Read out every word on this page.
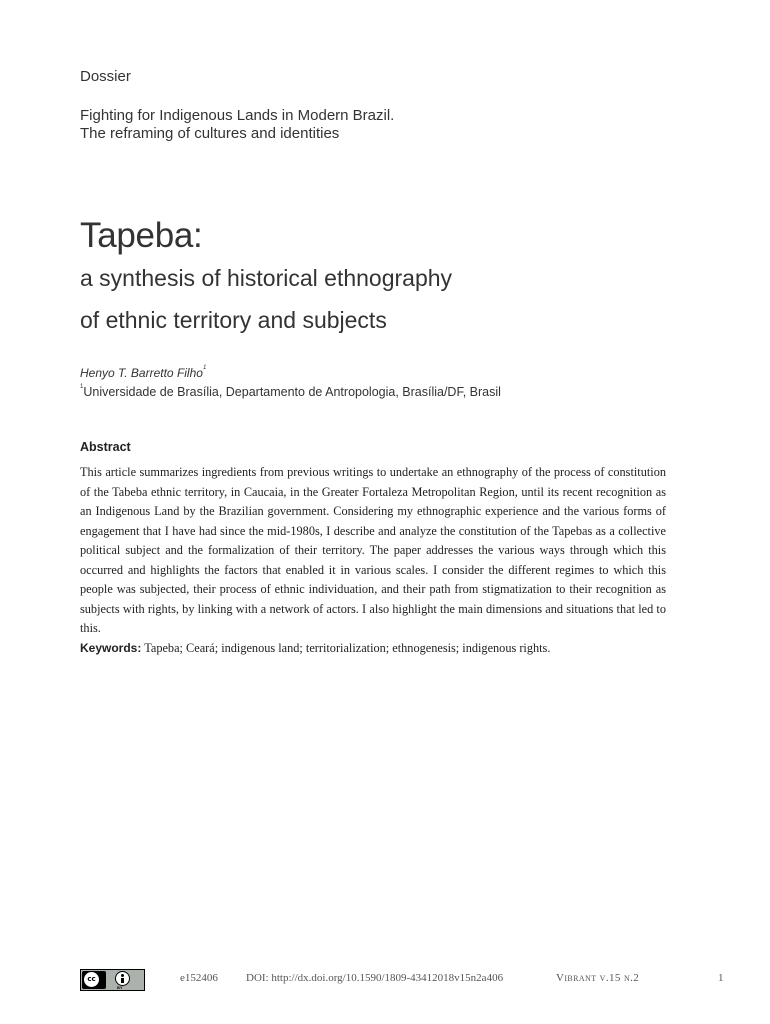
Dossier
Fighting for Indigenous Lands in Modern Brazil.
The reframing of cultures and identities
Tapeba:
a synthesis of historical ethnography
of ethnic territory and subjects
Henyo T. Barretto Filho$^1$
$^1$Universidade de Brasília, Departamento de Antropologia, Brasília/DF, Brasil
Abstract
This article summarizes ingredients from previous writings to undertake an ethnography of the process of constitution of the Tabeba ethnic territory, in Caucaia, in the Greater Fortaleza Metropolitan Region, until its recent recognition as an Indigenous Land by the Brazilian government. Considering my ethnographic experience and the various forms of engagement that I have had since the mid-1980s, I describe and analyze the constitution of the Tapebas as a collective political subject and the formalization of their territory. The paper addresses the various ways through which this occurred and highlights the factors that enabled it in various scales. I consider the different regimes to which this people was subjected, their process of ethnic individuation, and their path from stigmatization to their recognition as subjects with rights, by linking with a network of actors. I also highlight the main dimensions and situations that led to this.
Keywords: Tapeba; Ceará; indigenous land; territorialization; ethnogenesis; indigenous rights.
cc
BY
e152406	DOI: http://dx.doi.org/10.1590/1809-43412018v15n2a406	Vibrant v.15 n.2	1
